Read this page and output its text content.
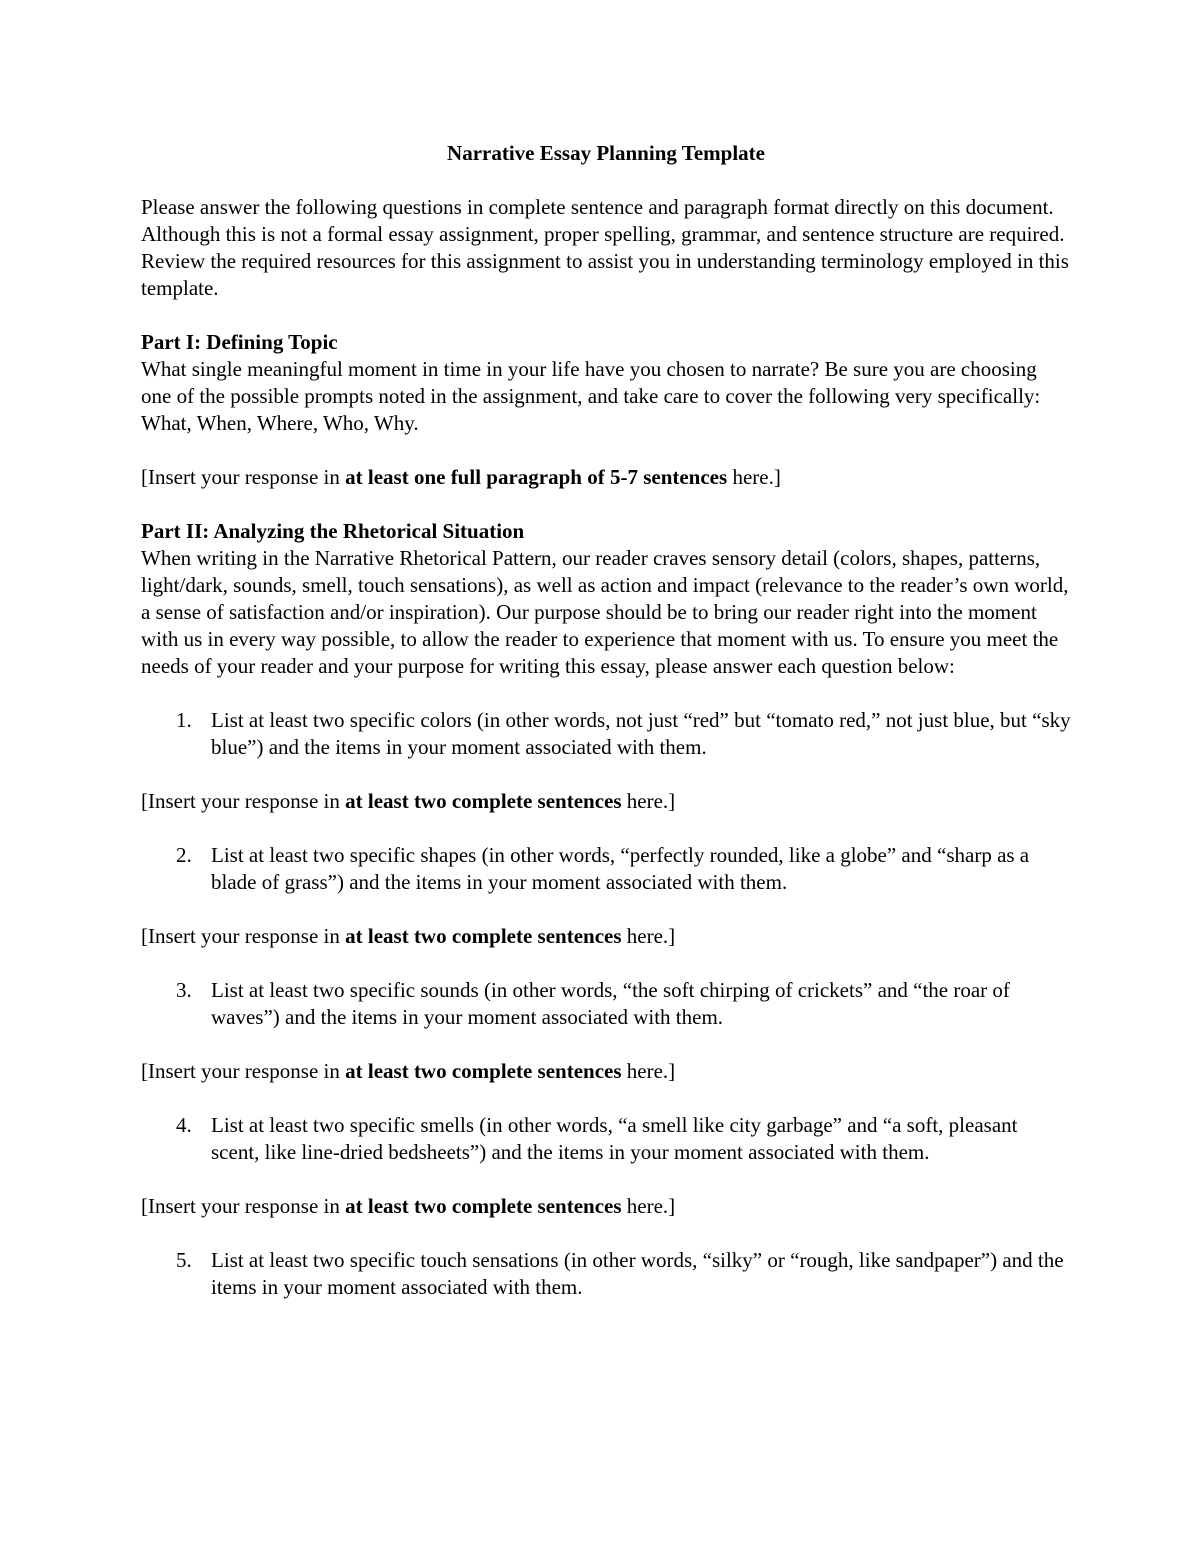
Narrative Essay Planning Template

Please answer the following questions in complete sentence and paragraph format directly on this document. Although this is not a formal essay assignment, proper spelling, grammar, and sentence structure are required. Review the required resources for this assignment to assist you in understanding terminology employed in this template.

Part I: Defining Topic
What single meaningful moment in time in your life have you chosen to narrate? Be sure you are choosing one of the possible prompts noted in the assignment, and take care to cover the following very specifically: What, When, Where, Who, Why.

[Insert your response in at least one full paragraph of 5-7 sentences here.]

Part II: Analyzing the Rhetorical Situation
When writing in the Narrative Rhetorical Pattern, our reader craves sensory detail (colors, shapes, patterns, light/dark, sounds, smell, touch sensations), as well as action and impact (relevance to the reader’s own world, a sense of satisfaction and/or inspiration). Our purpose should be to bring our reader right into the moment with us in every way possible, to allow the reader to experience that moment with us. To ensure you meet the needs of your reader and your purpose for writing this essay, please answer each question below:

1. List at least two specific colors (in other words, not just “red” but “tomato red,” not just blue, but “sky blue”) and the items in your moment associated with them.

[Insert your response in at least two complete sentences here.]

2. List at least two specific shapes (in other words, “perfectly rounded, like a globe” and “sharp as a blade of grass”) and the items in your moment associated with them.

[Insert your response in at least two complete sentences here.]

3. List at least two specific sounds (in other words, “the soft chirping of crickets” and “the roar of waves”) and the items in your moment associated with them.

[Insert your response in at least two complete sentences here.]

4. List at least two specific smells (in other words, “a smell like city garbage” and “a soft, pleasant scent, like line-dried bedsheets”) and the items in your moment associated with them.

[Insert your response in at least two complete sentences here.]

5. List at least two specific touch sensations (in other words, “silky” or “rough, like sandpaper”) and the items in your moment associated with them.
